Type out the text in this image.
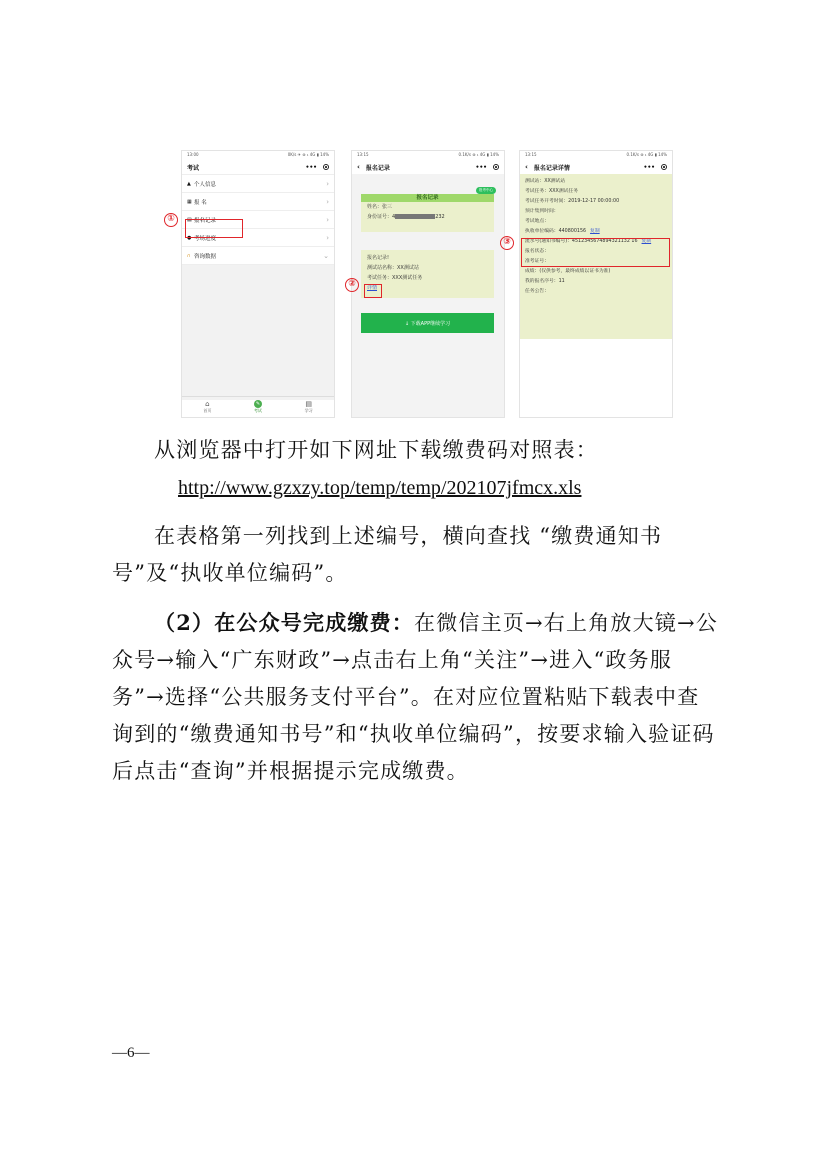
13:00	0K/s ✈ ⊛ ₁ 4G ▮ 14%
考试	•••
▲ 个人信息	›
▦ 报 名	›
▤ 报名记录	›
● 考场进度	›
∩ 咨询数据	⌄
⌂
首页
✎
考试
▤
学习
13:15	0.1K/s ⊛ ₁ 4G ▮ 14%
‹ 报名记录	•••
报考中心
报名记录
姓名：张三
身份证号：4	232
报名记录!
测试站名称：XX测试站
考试任务：XXX测试任务
详情
↓ 下载APP继续学习
13:15	0.1K/s ⊛ ₁ 4G ▮ 14%
‹ 报名记录详情	•••
测试站：XX测试站
考试任务：XXX测试任务
考试任务开考时间：2019-12-17 00:00:00
预计集到时间：
考试地点：
执收单位编码：440800156 复制
流水号(通知书编号)：4512345674894321132 16 复制
报名状态：
准考证号：
成绩：(仅供参考，最终成绩以证书为准)
我的报名序号：11
任务公告：
①
②
③

从浏览器中打开如下网址下载缴费码对照表：

http://www.gzxzy.top/temp/temp/202107jfmcx.xls

在表格第一列找到上述编号，横向查找 “缴费通知书号”及“执收单位编码”。

（2）在公众号完成缴费：在微信主页→右上角放大镜→公众号→输入“广东财政”→点击右上角“关注”→进入“政务服务”→选择“公共服务支付平台”。在对应位置粘贴下载表中查询到的“缴费通知书号”和“执收单位编码”，按要求输入验证码后点击“查询”并根据提示完成缴费。

—6—
